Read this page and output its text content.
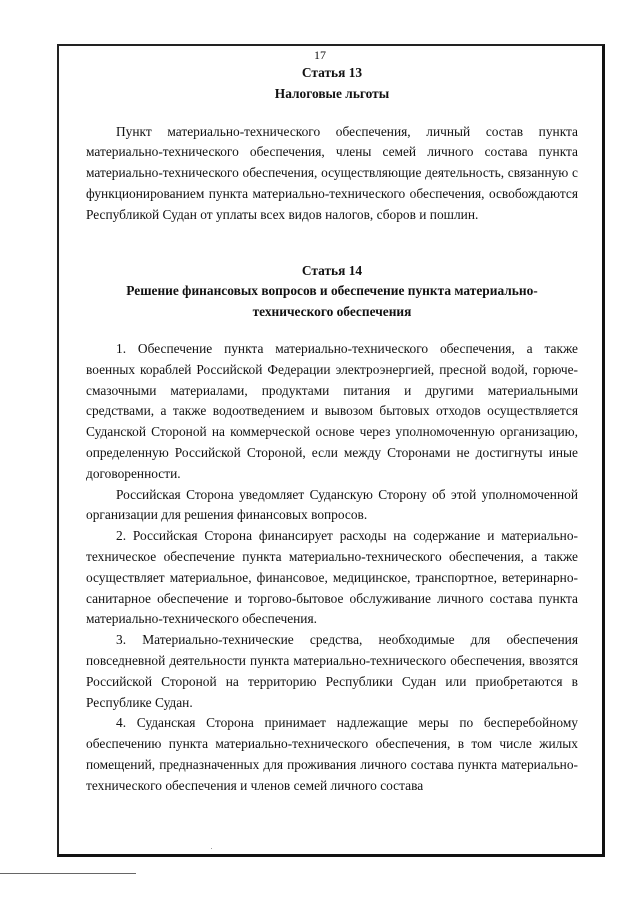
17

Статья 13

Налоговые льготы

Пункт материально-технического обеспечения, личный состав пункта материально-технического обеспечения, члены семей личного состава пункта материально-технического обеспечения, осуществляющие деятельность, связанную с функционированием пункта материально-технического обеспечения, освобождаются Республикой Судан от уплаты всех видов налогов, сборов и пошлин.

Статья 14

Решение финансовых вопросов и обеспечение пункта материально-технического обеспечения

1. Обеспечение пункта материально-технического обеспечения, а также военных кораблей Российской Федерации электроэнергией, пресной водой, горюче-смазочными материалами, продуктами питания и другими материальными средствами, а также водоотведением и вывозом бытовых отходов осуществляется Суданской Стороной на коммерческой основе через уполномоченную организацию, определенную Российской Стороной, если между Сторонами не достигнуты иные договоренности.

Российская Сторона уведомляет Суданскую Сторону об этой уполномоченной организации для решения финансовых вопросов.

2. Российская Сторона финансирует расходы на содержание и материально-техническое обеспечение пункта материально-технического обеспечения, а также осуществляет материальное, финансовое, медицинское, транспортное, ветеринарно-санитарное обеспечение и торгово-бытовое обслуживание личного состава пункта материально-технического обеспечения.

3. Материально-технические средства, необходимые для обеспечения повседневной деятельности пункта материально-технического обеспечения, ввозятся Российской Стороной на территорию Республики Судан или приобретаются в Республике Судан.

4. Суданская Сторона принимает надлежащие меры по бесперебойному обеспечению пункта материально-технического обеспечения, в том числе жилых помещений, предназначенных для проживания личного состава пункта материально-технического обеспечения и членов семей личного состава
